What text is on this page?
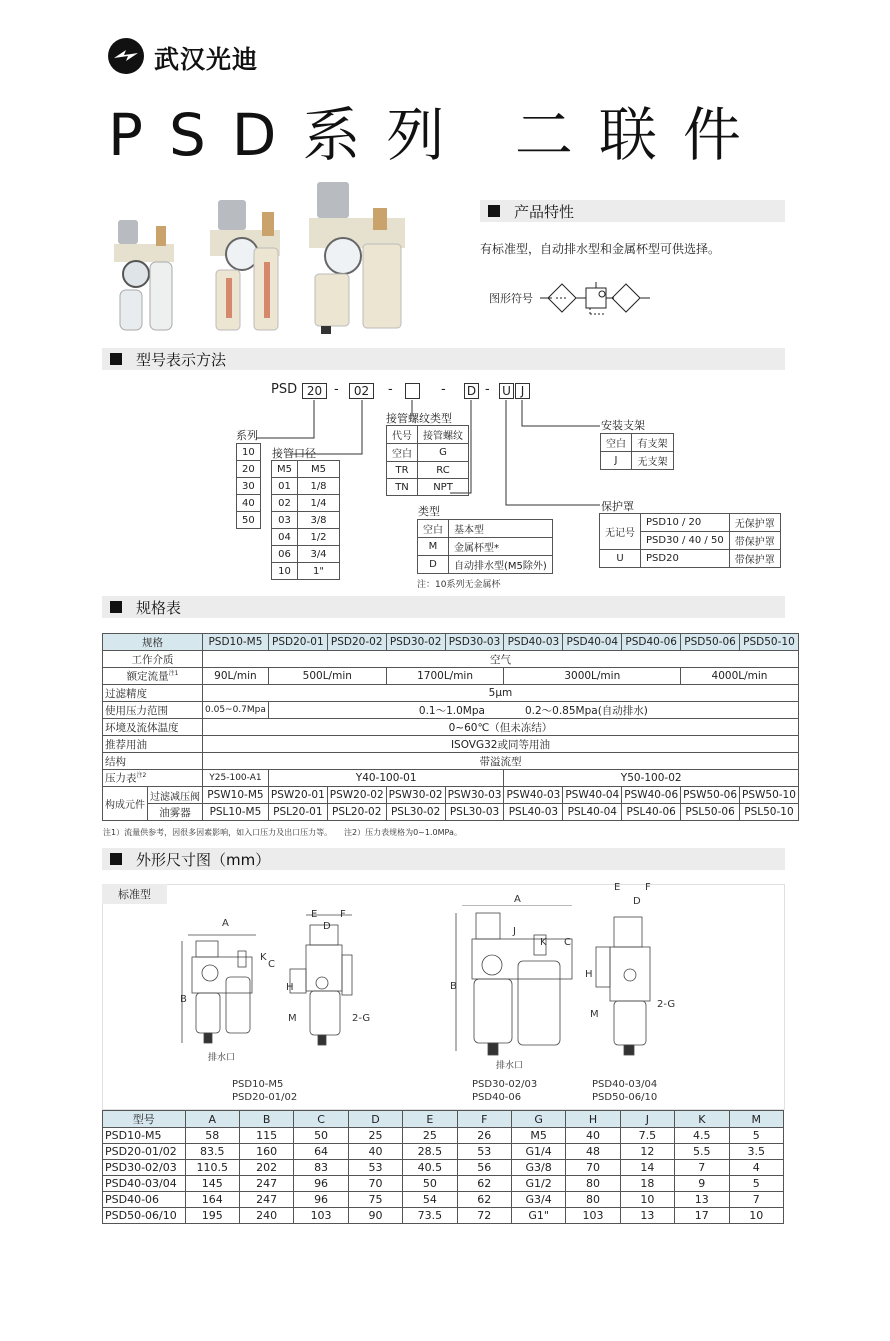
武汉光迪
PSD系列 二联件
产品特性
有标准型，自动排水型和金属杯型可供选择。
图形符号
型号表示方法
PSD 20 -	02	-	- D - U J
系列
10
20
30
40
50
接管口径
M5	M5
01	1/8
02	1/4
03	3/8
04	1/2
06	3/4
10	1"
接管螺纹类型
代号	接管螺纹
空白	G
TR	RC
TN	NPT
类型
空白	基本型
M	金属杯型*
D	自动排水型(M5除外)
注：10系列无金属杯
安装支架
空白	有支架
J	无支架
保护罩
无记号	PSD10 / 20	无保护罩
	PSD30 / 40 / 50	带保护罩
U	PSD20	带保护罩
规格表
规格		PSD10-M5	PSD20-01	PSD20-02	PSD30-02	PSD30-03	PSD40-03	PSD40-04	PSD40-06	PSD50-06	PSD50-10
工作介质		空气									
额定流量$^{注1}$		90L/min	500L/min		1700L/min		3000L/min			4000L/min	
过滤精度		5μm									
使用压力范围		0.05~0.7Mpa	0.1～1.0Mpa 0.2～0.85Mpa(自动排水)								
环境及流体温度		0~60℃（但未冻结）									
推荐用油		ISOVG32或同等用油									
结构		带溢流型									
压力表$^{注2}$		Y25-100-A1	Y40-100-01				Y50-100-02				
构成元件	过滤减压阀	PSW10-M5	PSW20-01	PSW20-02	PSW30-02	PSW30-03	PSW40-03	PSW40-04	PSW40-06	PSW50-06	PSW50-10
	油雾器	PSL10-M5	PSL20-01	PSL20-02	PSL30-02	PSL30-03	PSL40-03	PSL40-04	PSL40-06	PSL50-06	PSL50-10
注1）流量供参考，因很多因素影响，如入口压力及出口压力等。 注2）压力表规格为0~1.0MPa。
外形尺寸图（mm）
标准型
A
B
C
D
E F
H
K
M	2-G
A
B
C
J
K
E F
D
H
M
2-G
排水口
排水口
PSD10-M5
PSD20-01/02
PSD30-02/03
PSD40-06
PSD40-03/04
PSD50-06/10
型号	A	B	C	D	E	F	G	H	J	K	M
PSD10-M5	58	115	50	25	25	26	M5	40	7.5	4.5	5
PSD20-01/02	83.5	160	64	40	28.5	53	G1/4	48	12	5.5	3.5
PSD30-02/03	110.5	202	83	53	40.5	56	G3/8	70	14	7	4
PSD40-03/04	145	247	96	70	50	62	G1/2	80	18	9	5
PSD40-06	164	247	96	75	54	62	G3/4	80	10	13	7
PSD50-06/10	195	240	103	90	73.5	72	G1"	103	13	17	10
